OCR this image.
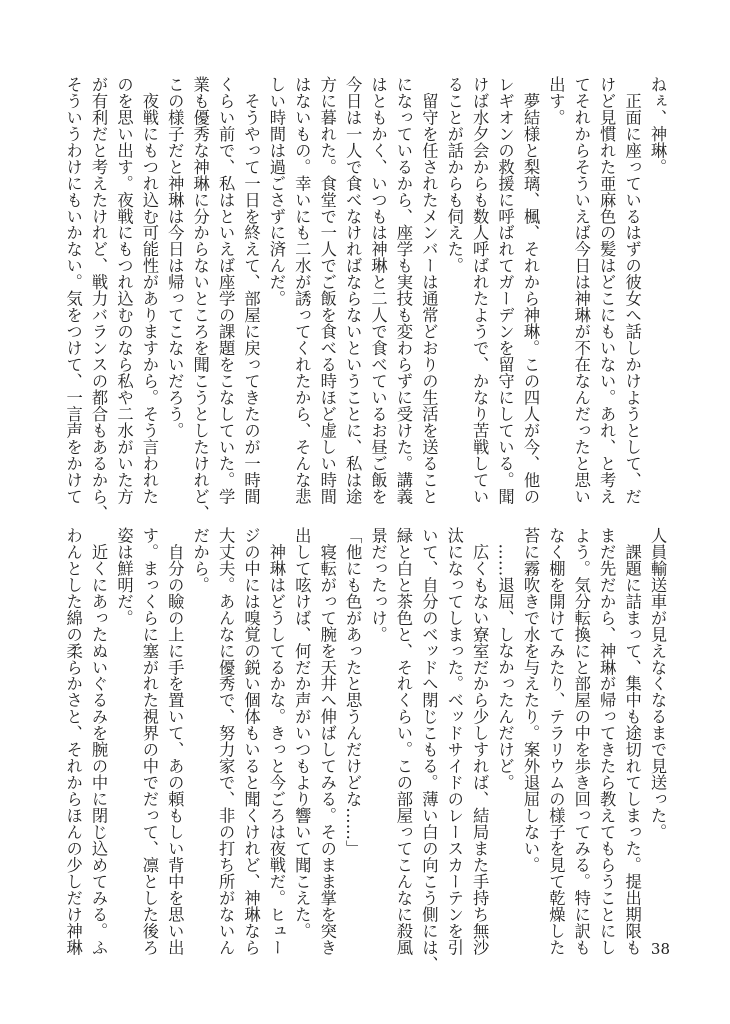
ねぇ、神琳。
　正面に座っているはずの彼女へ話しかけようとして、だ
けど見慣れた亜麻色の髪はどこにもいない。あれ、と考え
てそれからそういえば今日は神琳が不在なんだったと思い
出す。
　夢結様と梨璃、楓、それから神琳。この四人が今、他の
レギオンの救援に呼ばれてガーデンを留守にしている。聞
けば水夕会からも数人呼ばれたようで、かなり苦戦してい
ることが話からも伺えた。
　留守を任されたメンバーは通常どおりの生活を送ること
になっているから、座学も実技も変わらずに受けた。講義
はともかく、いつもは神琳と二人で食べているお昼ご飯を
今日は一人で食べなければならないということに、私は途
方に暮れた。食堂で一人でご飯を食べる時ほど虚しい時間
はないもの。幸いにも二水が誘ってくれたから、そんな悲
しい時間は過ごさずに済んだ。
　そうやって一日を終えて、部屋に戻ってきたのが一時間
くらい前で、私はといえば座学の課題をこなしていた。学
業も優秀な神琳に分からないところを聞こうとしたけれど、
この様子だと神琳は今日は帰ってこないだろう。
　夜戦にもつれ込む可能性がありますから。そう言われた
のを思い出す。夜戦にもつれ込むのなら私や二水がいた方
が有利だと考えたけれど、戦力バランスの都合もあるから、
そういうわけにもいかない。気をつけて、一言声をかけて
人員輸送車が見えなくなるまで見送った。
　課題に詰まって、集中も途切れてしまった。提出期限も
まだ先だから、神琳が帰ってきたら教えてもらうことにし
よう。気分転換にと部屋の中を歩き回ってみる。特に訳も
なく棚を開けてみたり、テラリウムの様子を見て乾燥した
苔に霧吹きで水を与えたり。案外退屈しない。
　……退屈、しなかったんだけど。
　広くもない寮室だから少しすれば、結局また手持ち無沙
汰になってしまった。ベッドサイドのレースカーテンを引
いて、自分のベッドへ閉じこもる。薄い白の向こう側には、
緑と白と茶色と、それくらい。この部屋ってこんなに殺風
景だったっけ。
「他にも色があったと思うんだけどな……」
　寝転がって腕を天井へ伸ばしてみる。そのまま掌を突き
出して呟けば、何だか声がいつもより響いて聞こえた。
　神琳はどうしてるかな。きっと今ごろは夜戦だ。ヒュー
ジの中には嗅覚の鋭い個体もいると聞くけれど、神琳なら
大丈夫。あんなに優秀で、努力家で、非の打ち所がないん
だから。
　自分の瞼の上に手を置いて、あの頼もしい背中を思い出
す。まっくらに塞がれた視界の中でだって、凛とした後ろ
姿は鮮明だ。
　近くにあったぬいぐるみを腕の中に閉じ込めてみる。ふ
わんとした綿の柔らかさと、それからほんの少しだけ神琳	38
